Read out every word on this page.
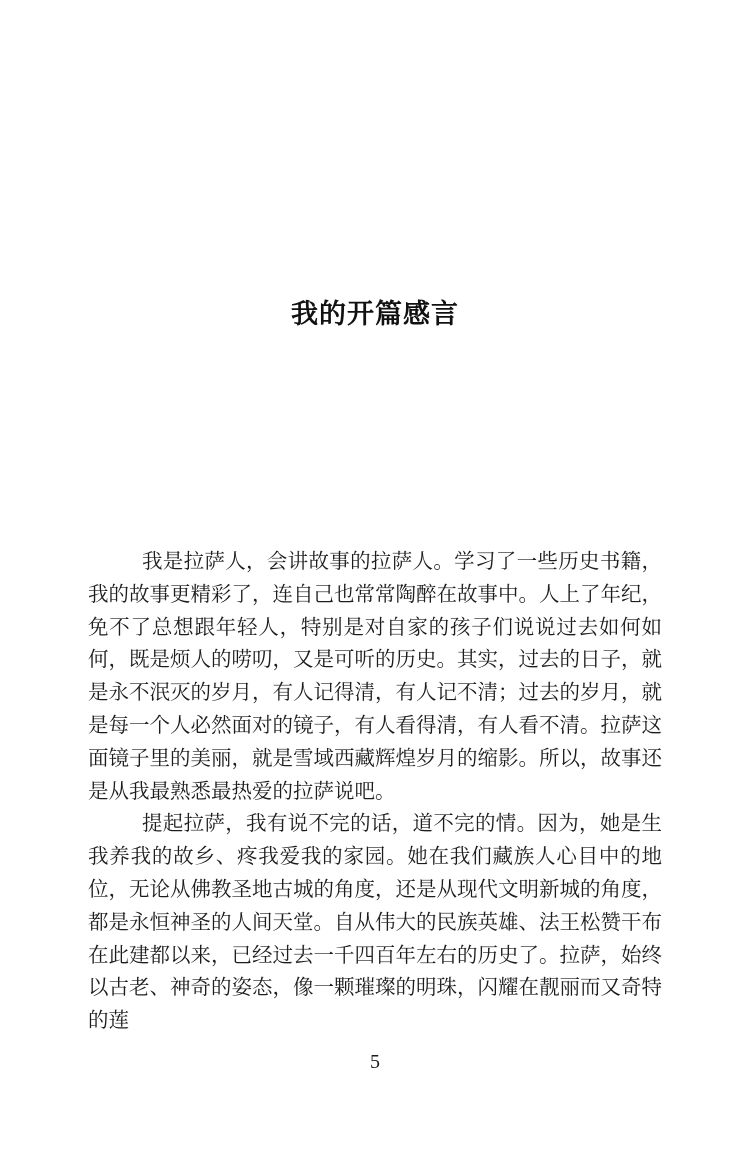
我的开篇感言

我是拉萨人，会讲故事的拉萨人。学习了一些历史书籍，我的故事更精彩了，连自己也常常陶醉在故事中。人上了年纪，免不了总想跟年轻人，特别是对自家的孩子们说说过去如何如何，既是烦人的唠叨，又是可听的历史。其实，过去的日子，就是永不泯灭的岁月，有人记得清，有人记不清；过去的岁月，就是每一个人必然面对的镜子，有人看得清，有人看不清。拉萨这面镜子里的美丽，就是雪域西藏辉煌岁月的缩影。所以，故事还是从我最熟悉最热爱的拉萨说吧。

提起拉萨，我有说不完的话，道不完的情。因为，她是生我养我的故乡、疼我爱我的家园。她在我们藏族人心目中的地位，无论从佛教圣地古城的角度，还是从现代文明新城的角度，都是永恒神圣的人间天堂。自从伟大的民族英雄、法王松赞干布在此建都以来，已经过去一千四百年左右的历史了。拉萨，始终以古老、神奇的姿态，像一颗璀璨的明珠，闪耀在靓丽而又奇特的莲

5
